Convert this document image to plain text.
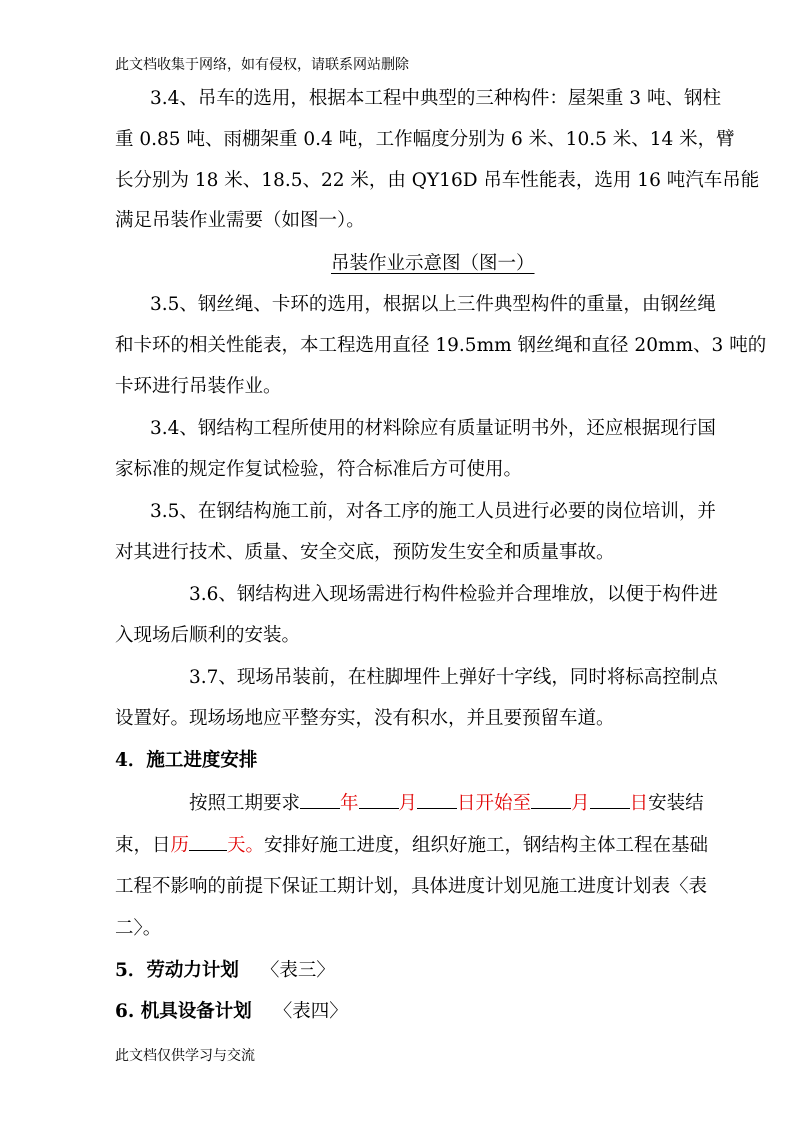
此文档收集于网络，如有侵权，请联系网站删除
3.4、吊车的选用，根据本工程中典型的三种构件：屋架重 3 吨、钢柱
重 0.85 吨、雨棚架重 0.4 吨，工作幅度分别为 6 米、10.5 米、14 米，臂
长分别为 18 米、18.5、22 米，由 QY16D 吊车性能表，选用 16 吨汽车吊能
满足吊装作业需要（如图一）。
吊装作业示意图（图一）
3.5、钢丝绳、卡环的选用，根据以上三件典型构件的重量，由钢丝绳
和卡环的相关性能表，本工程选用直径 19.5mm 钢丝绳和直径 20mm、3 吨的
卡环进行吊装作业。
3.4、钢结构工程所使用的材料除应有质量证明书外，还应根据现行国
家标准的规定作复试检验，符合标准后方可使用。
3.5、在钢结构施工前，对各工序的施工人员进行必要的岗位培训，并
对其进行技术、质量、安全交底，预防发生安全和质量事故。
3.6、钢结构进入现场需进行构件检验并合理堆放，以便于构件进
入现场后顺利的安装。
3.7、现场吊装前，在柱脚埋件上弹好十字线，同时将标高控制点
设置好。现场场地应平整夯实，没有积水，并且要预留车道。
4．施工进度安排
按照工期要求 年 月 日开始至 月 日安装结
束，日历 天。安排好施工进度，组织好施工，钢结构主体工程在基础
工程不影响的前提下保证工期计划，具体进度计划见施工进度计划表〈表
二〉。
5．劳动力计划 〈表三〉
6. 机具设备计划 〈表四〉
此文档仅供学习与交流
